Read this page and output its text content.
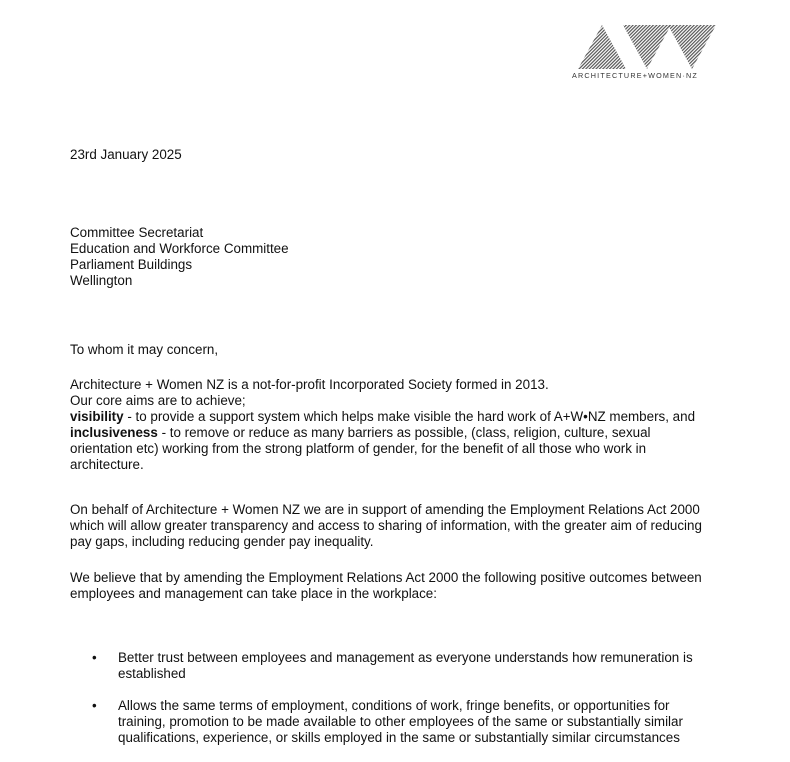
ARCHITECTURE+WOMEN·NZ
23rd January 2025
Committee Secretariat
Education and Workforce Committee
Parliament Buildings
Wellington
To whom it may concern,
Architecture + Women NZ is a not-for-profit Incorporated Society formed in 2013.
Our core aims are to achieve;
visibility - to provide a support system which helps make visible the hard work of A+W•NZ members, and
inclusiveness - to remove or reduce as many barriers as possible, (class, religion, culture, sexual
orientation etc) working from the strong platform of gender, for the benefit of all those who work in
architecture.
On behalf of Architecture + Women NZ we are in support of amending the Employment Relations Act 2000
which will allow greater transparency and access to sharing of information, with the greater aim of reducing
pay gaps, including reducing gender pay inequality.
We believe that by amending the Employment Relations Act 2000 the following positive outcomes between
employees and management can take place in the workplace:
• Better trust between employees and management as everyone understands how remuneration is
established
• Allows the same terms of employment, conditions of work, fringe benefits, or opportunities for
training, promotion to be made available to other employees of the same or substantially similar
qualifications, experience, or skills employed in the same or substantially similar circumstances
